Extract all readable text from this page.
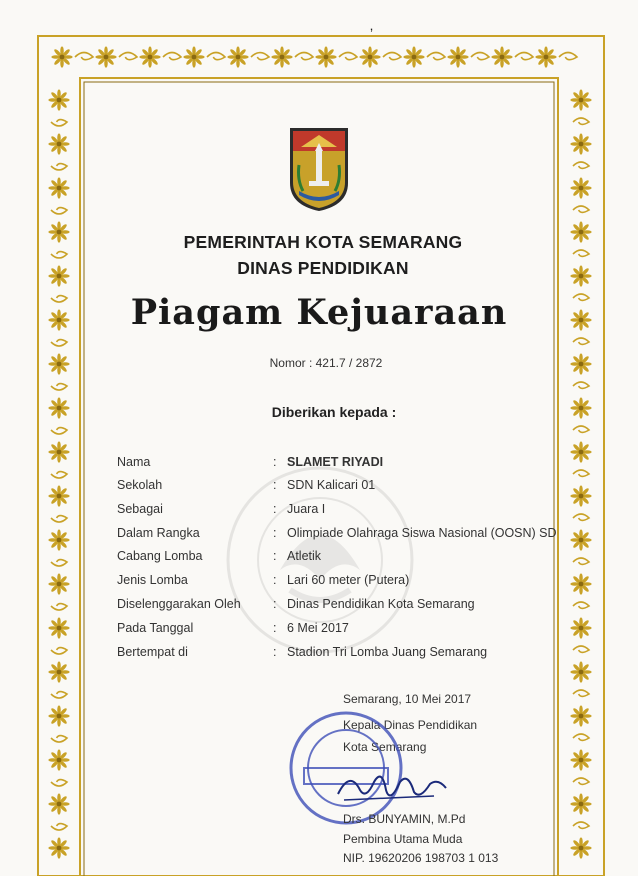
ʼ
PEMERINTAH KOTA SEMARANG
DINAS PENDIDIKAN
Piagam Kejuaraan
Nomor : 421.7 / 2872
Diberikan kepada :
Nama	: SLAMET RIYADI
Sekolah	: SDN Kalicari 01
Sebagai	: Juara I
Dalam Rangka	: Olimpiade Olahraga Siswa Nasional (OOSN) SD
Cabang Lomba	: Atletik
Jenis Lomba	: Lari 60 meter (Putera)
Diselenggarakan Oleh	: Dinas Pendidikan Kota Semarang
Pada Tanggal	: 6 Mei 2017
Bertempat di	: Stadion Tri Lomba Juang Semarang
Semarang, 10 Mei 2017
Kepala Dinas Pendidikan
Kota Semarang
Drs. BUNYAMIN, M.Pd
Pembina Utama Muda
NIP. 19620206 198703 1 013
